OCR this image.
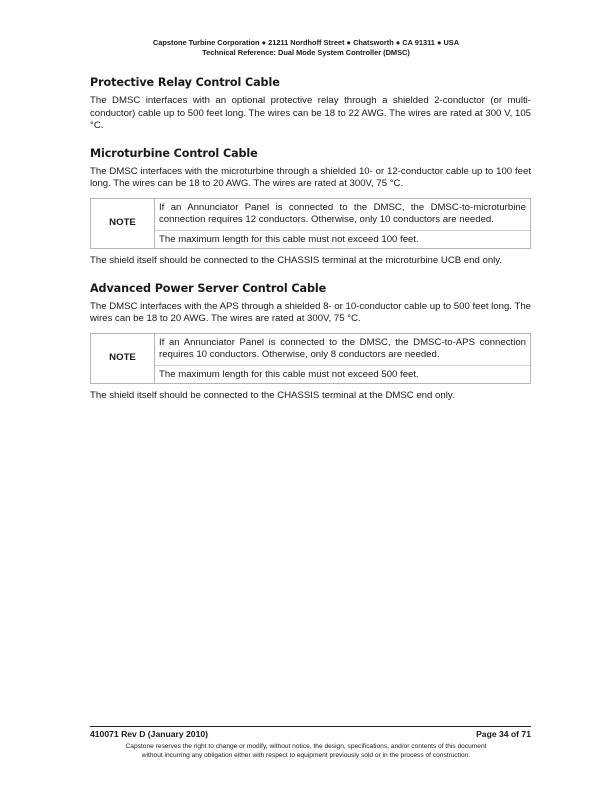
Capstone Turbine Corporation ● 21211 Nordhoff Street ● Chatsworth ● CA 91311 ● USA
Technical Reference: Dual Mode System Controller (DMSC)
Protective Relay Control Cable

The DMSC interfaces with an optional protective relay through a shielded 2-conductor (or multi-conductor) cable up to 500 feet long. The wires can be 18 to 22 AWG. The wires are rated at 300 V, 105 °C.

Microturbine Control Cable

The DMSC interfaces with the microturbine through a shielded 10- or 12-conductor cable up to 100 feet long. The wires can be 18 to 20 AWG. The wires are rated at 300V, 75 °C.

NOTE	
If an Annunciator Panel is connected to the DMSC, the DMSC-to-microturbine connection requires 12 conductors. Otherwise, only 10 conductors are needed.
The maximum length for this cable must not exceed 100 feet.

The shield itself should be connected to the CHASSIS terminal at the microturbine UCB end only.

Advanced Power Server Control Cable

The DMSC interfaces with the APS through a shielded 8- or 10-conductor cable up to 500 feet long. The wires can be 18 to 20 AWG. The wires are rated at 300V, 75 °C.

NOTE	
If an Annunciator Panel is connected to the DMSC, the DMSC-to-APS connection requires 10 conductors. Otherwise, only 8 conductors are needed.
The maximum length for this cable must not exceed 500 feet.

The shield itself should be connected to the CHASSIS terminal at the DMSC end only.

410071 Rev D (January 2010)	Page 34 of 71
Capstone reserves the right to change or modify, without notice, the design, specifications, and/or contents of this document
without incurring any obligation either with respect to equipment previously sold or in the process of construction.
